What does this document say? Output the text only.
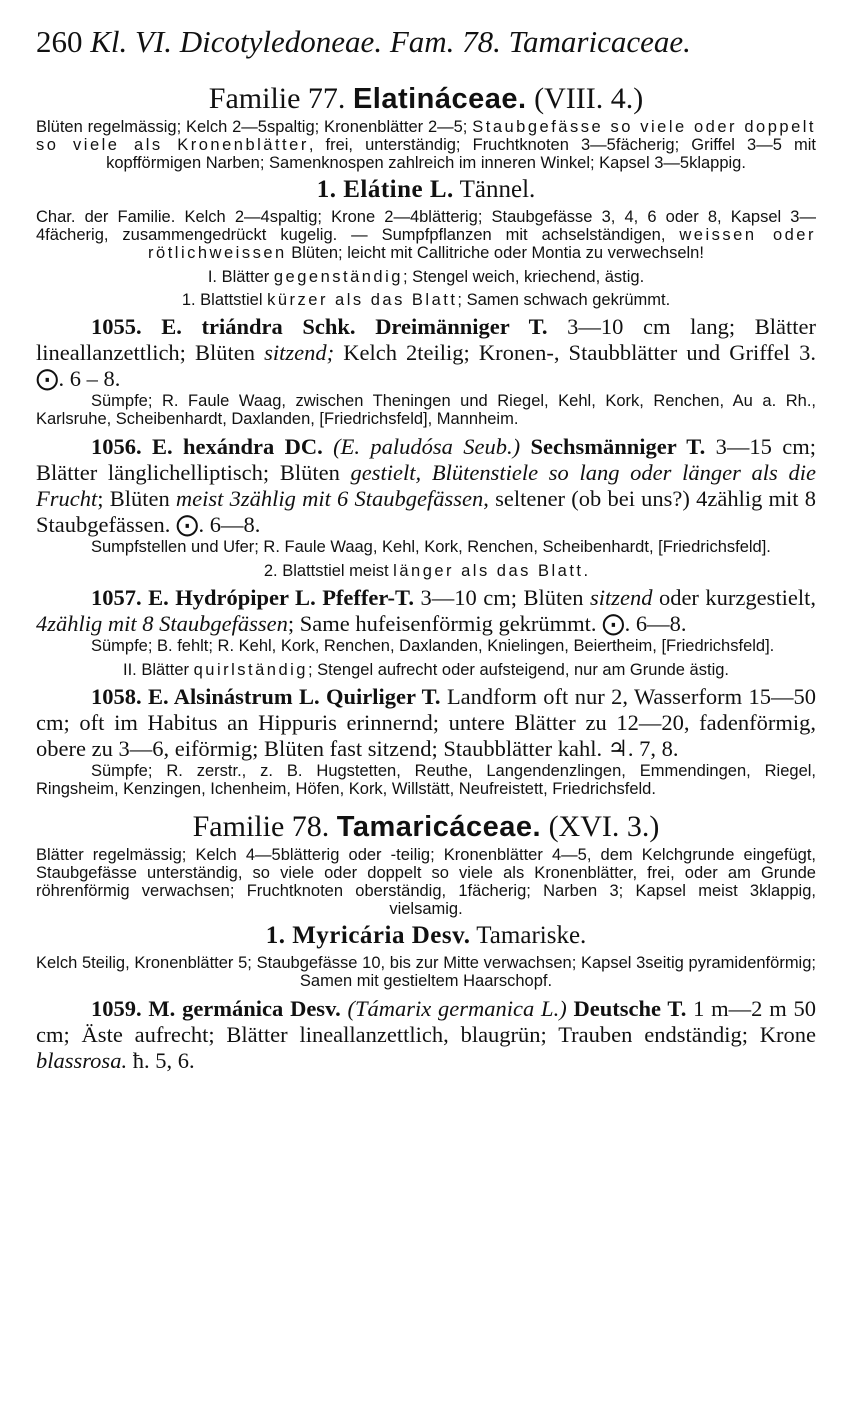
260 Kl. VI. Dicotyledoneae. Fam. 78. Tamaricaceae.
Familie 77. Elatináceae. (VIII. 4.)

Blüten regelmässig; Kelch 2—5spaltig; Kronenblätter 2—5; Staubgefässe so viele oder doppelt so viele als Kronenblätter, frei, unterständig; Fruchtknoten 3—5fächerig; Griffel 3—5 mit kopfförmigen Narben; Samenknospen zahlreich im inneren Winkel; Kapsel 3—5klappig.

1. Elátine L. Tännel.

Char. der Familie. Kelch 2—4spaltig; Krone 2—4blätterig; Staubgefässe 3, 4, 6 oder 8, Kapsel 3—4fächerig, zusammengedrückt kugelig. — Sumpfpflanzen mit achselständigen, weissen oder rötlichweissen Blüten; leicht mit Callitriche oder Montia zu verwechseln!

I. Blätter gegenständig; Stengel weich, kriechend, ästig.
1. Blattstiel kürzer als das Blatt; Samen schwach gekrümmt.

1055. E. triándra Schk. Dreimänniger T. 3—10 cm lang; Blätter lineallanzettlich; Blüten sitzend; Kelch 2teilig; Kronen-, Staubblätter und Griffel 3. ⨀. 6 – 8.

Sümpfe; R. Faule Waag, zwischen Theningen und Riegel, Kehl, Kork, Renchen, Au a. Rh., Karlsruhe, Scheibenhardt, Daxlanden, [Friedrichsfeld], Mannheim.

1056. E. hexándra DC. (E. paludósa Seub.) Sechsmänniger T. 3—15 cm; Blätter länglichelliptisch; Blüten gestielt, Blütenstiele so lang oder länger als die Frucht; Blüten meist 3zählig mit 6 Staubgefässen, seltener (ob bei uns?) 4zählig mit 8 Staubgefässen. ⨀. 6—8.

Sumpfstellen und Ufer; R. Faule Waag, Kehl, Kork, Renchen, Scheibenhardt, [Friedrichsfeld].

2. Blattstiel meist länger als das Blatt.

1057. E. Hydrópiper L. Pfeffer-T. 3—10 cm; Blüten sitzend oder kurzgestielt, 4zählig mit 8 Staubgefässen; Same hufeisenförmig gekrümmt. ⨀. 6—8.

Sümpfe; B. fehlt; R. Kehl, Kork, Renchen, Daxlanden, Knielingen, Beiertheim, [Friedrichsfeld].

II. Blätter quirlständig; Stengel aufrecht oder aufsteigend, nur am Grunde ästig.

1058. E. Alsinástrum L. Quirliger T. Landform oft nur 2, Wasserform 15—50 cm; oft im Habitus an Hippuris erinnernd; untere Blätter zu 12—20, fadenförmig, obere zu 3—6, eiförmig; Blüten fast sitzend; Staubblätter kahl. ♃. 7, 8.

Sümpfe; R. zerstr., z. B. Hugstetten, Reuthe, Langendenzlingen, Emmendingen, Riegel, Ringsheim, Kenzingen, Ichenheim, Höfen, Kork, Willstätt, Neufreistett, Friedrichsfeld.

Familie 78. Tamaricáceae. (XVI. 3.)

Blätter regelmässig; Kelch 4—5blätterig oder -teilig; Kronenblätter 4—5, dem Kelchgrunde eingefügt, Staubgefässe unterständig, so viele oder doppelt so viele als Kronenblätter, frei, oder am Grunde röhrenförmig verwachsen; Fruchtknoten oberständig, 1fächerig; Narben 3; Kapsel meist 3klappig, vielsamig.

1. Myricária Desv. Tamariske.

Kelch 5teilig, Kronenblätter 5; Staubgefässe 10, bis zur Mitte verwachsen; Kapsel 3seitig pyramidenförmig; Samen mit gestieltem Haarschopf.

1059. M. germánica Desv. (Támarix germanica L.) Deutsche T. 1 m—2 m 50 cm; Äste aufrecht; Blätter lineallanzettlich, blaugrün; Trauben endständig; Krone blassrosa. ħ. 5, 6.
